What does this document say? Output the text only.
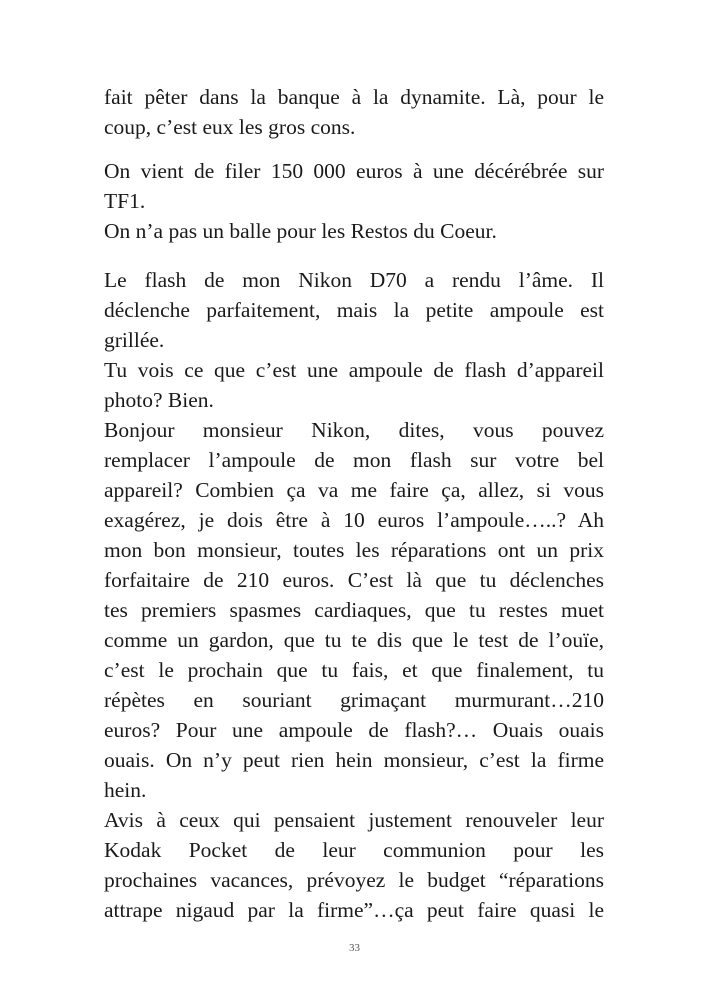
fait pêter dans la banque à la dynamite. Là, pour le
coup, c’est eux les gros cons.
On vient de filer 150 000 euros à une décérébrée sur
TF1.
On n’a pas un balle pour les Restos du Coeur.
Le flash de mon Nikon D70 a rendu l’âme. Il
déclenche parfaitement, mais la petite ampoule est
grillée.
Tu vois ce que c’est une ampoule de flash d’appareil
photo? Bien.
Bonjour monsieur Nikon, dites, vous pouvez
remplacer l’ampoule de mon flash sur votre bel
appareil? Combien ça va me faire ça, allez, si vous
exagérez, je dois être à 10 euros l’ampoule…..? Ah
mon bon monsieur, toutes les réparations ont un prix
forfaitaire de 210 euros. C’est là que tu déclenches
tes premiers spasmes cardiaques, que tu restes muet
comme un gardon, que tu te dis que le test de l’ouïe,
c’est le prochain que tu fais, et que finalement, tu
répètes en souriant grimaçant murmurant…210
euros? Pour une ampoule de flash?… Ouais ouais
ouais. On n’y peut rien hein monsieur, c’est la firme
hein.
Avis à ceux qui pensaient justement renouveler leur
Kodak Pocket de leur communion pour les
prochaines vacances, prévoyez le budget “réparations
attrape nigaud par la firme”…ça peut faire quasi le
33
